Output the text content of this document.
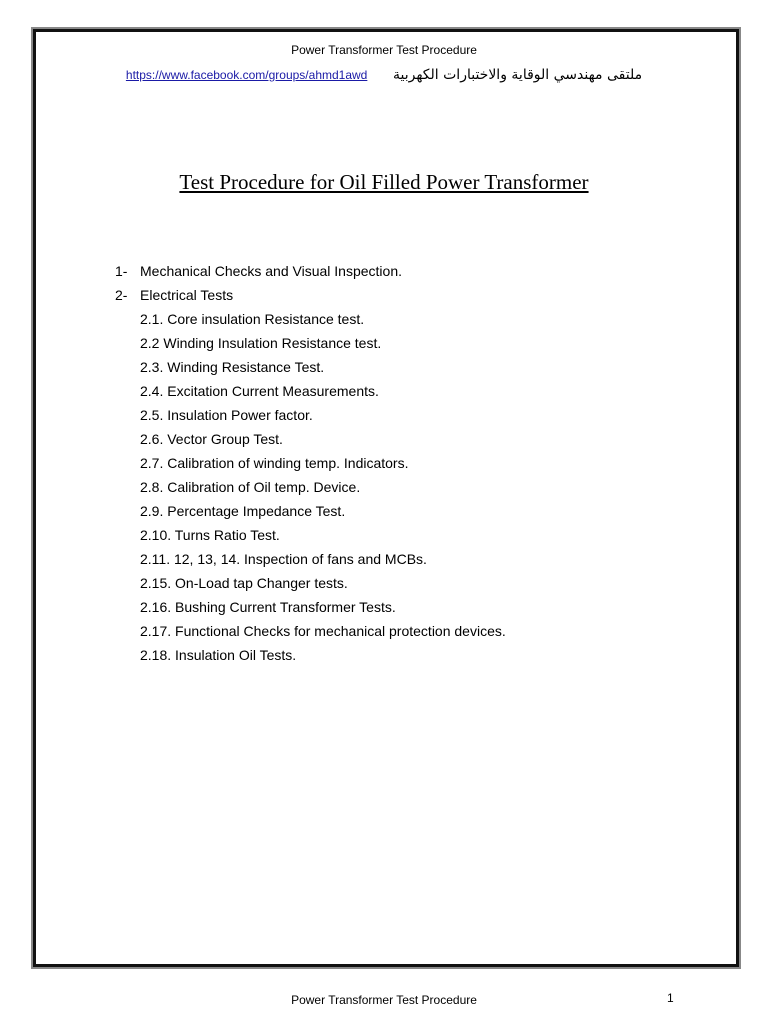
Power Transformer Test Procedure
https://www.facebook.com/groups/ahmd1awd ملتقى مهندسي الوقاية والاختبارات الكهربية
Test Procedure for Oil Filled Power Transformer
1- Mechanical Checks and Visual Inspection.
2- Electrical Tests
2.1. Core insulation Resistance test.
2.2 Winding Insulation Resistance test.
2.3. Winding Resistance Test.
2.4. Excitation Current Measurements.
2.5. Insulation Power factor.
2.6. Vector Group Test.
2.7. Calibration of winding temp. Indicators.
2.8. Calibration of Oil temp. Device.
2.9. Percentage Impedance Test.
2.10. Turns Ratio Test.
2.11. 12, 13, 14. Inspection of fans and MCBs.
2.15. On-Load tap Changer tests.
2.16. Bushing Current Transformer Tests.
2.17. Functional Checks for mechanical protection devices.
2.18. Insulation Oil Tests.
Power Transformer Test Procedure	1
